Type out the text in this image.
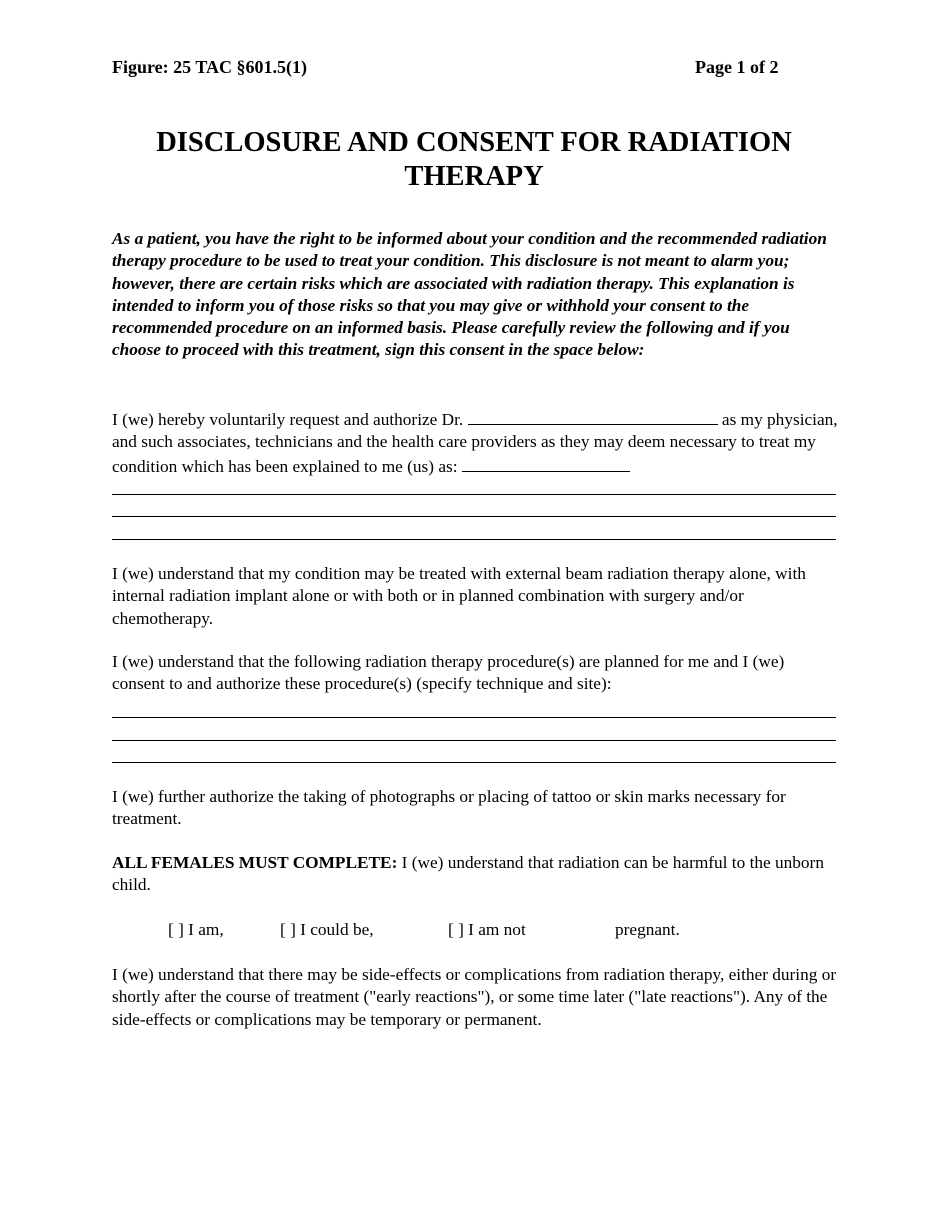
Figure: 25 TAC §601.5(1)	Page 1 of 2
DISCLOSURE AND CONSENT FOR RADIATION THERAPY
As a patient, you have the right to be informed about your condition and the recommended radiation therapy procedure to be used to treat your condition. This disclosure is not meant to alarm you; however, there are certain risks which are associated with radiation therapy. This explanation is intended to inform you of those risks so that you may give or withhold your consent to the recommended procedure on an informed basis. Please carefully review the following and if you choose to proceed with this treatment, sign this consent in the space below:
I (we) hereby voluntarily request and authorize Dr.	as my physician, and such associates, technicians and the health care providers as they may deem necessary to treat my condition which has been explained to me (us) as:
I (we) understand that my condition may be treated with external beam radiation therapy alone, with internal radiation implant alone or with both or in planned combination with surgery and/or chemotherapy.
I (we) understand that the following radiation therapy procedure(s) are planned for me and I (we) consent to and authorize these procedure(s) (specify technique and site):
I (we) further authorize the taking of photographs or placing of tattoo or skin marks necessary for treatment.
ALL FEMALES MUST COMPLETE: I (we) understand that radiation can be harmful to the unborn child.
[ ] I am,	[ ] I could be,	[ ] I am not	pregnant.
I (we) understand that there may be side-effects or complications from radiation therapy, either during or shortly after the course of treatment ("early reactions"), or some time later ("late reactions"). Any of the side-effects or complications may be temporary or permanent.
